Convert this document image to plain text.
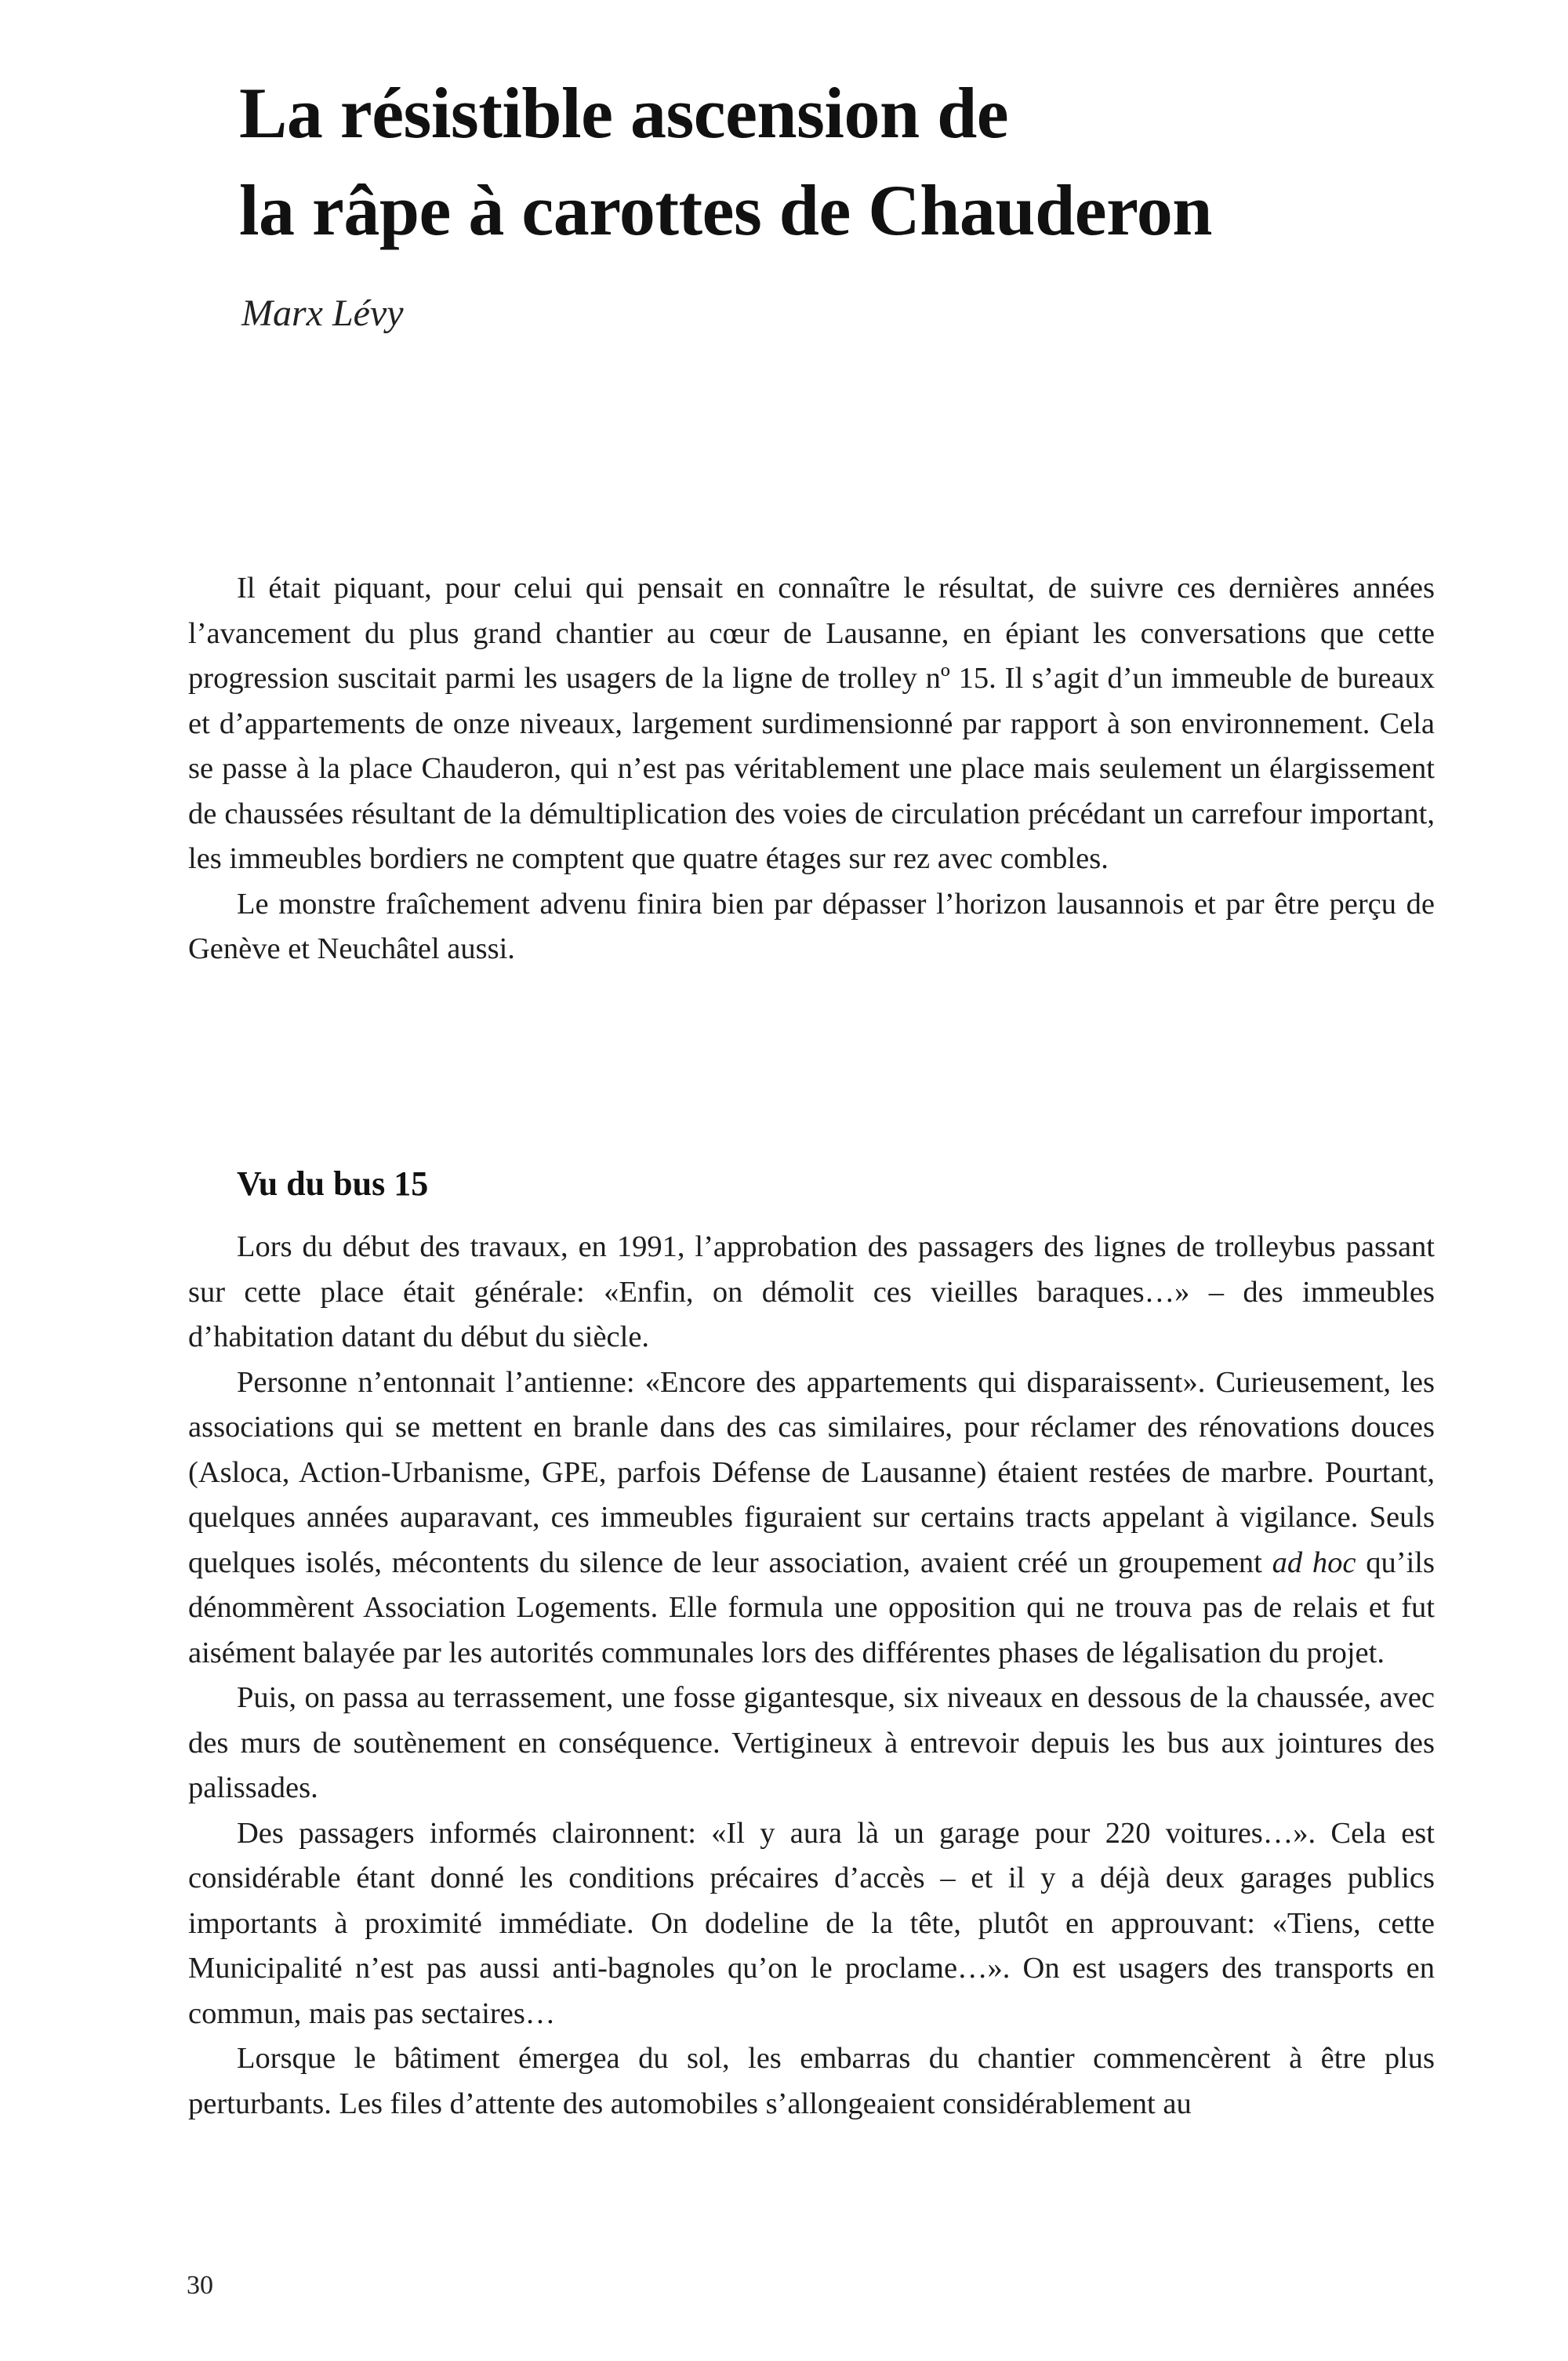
La résistible ascension de
la râpe à carottes de Chauderon

Marx Lévy

Il était piquant, pour celui qui pensait en connaître le résultat, de suivre ces dernières années l’avancement du plus grand chantier au cœur de Lausanne, en épiant les conversations que cette progression suscitait parmi les usagers de la ligne de trolley nº 15. Il s’agit d’un immeuble de bureaux et d’appartements de onze niveaux, largement surdimensionné par rapport à son environnement. Cela se passe à la place Chauderon, qui n’est pas véritablement une place mais seulement un élargissement de chaussées résultant de la démultiplication des voies de circulation précédant un carrefour important, les immeubles bordiers ne comptent que quatre étages sur rez avec combles.

Le monstre fraîchement advenu finira bien par dépasser l’horizon lausannois et par être perçu de Genève et Neuchâtel aussi.

Vu du bus 15

Lors du début des travaux, en 1991, l’approbation des passagers des lignes de trolleybus passant sur cette place était générale: «Enfin, on démolit ces vieilles baraques…» – des immeubles d’habitation datant du début du siècle.

Personne n’entonnait l’antienne: «Encore des appartements qui disparaissent». Curieusement, les associations qui se mettent en branle dans des cas similaires, pour réclamer des rénovations douces (Asloca, Action-Urbanisme, GPE, parfois Défense de Lausanne) étaient restées de marbre. Pourtant, quelques années auparavant, ces immeubles figuraient sur certains tracts appelant à vigilance. Seuls quelques isolés, mécontents du silence de leur association, avaient créé un groupement ad hoc qu’ils dénommèrent Association Logements. Elle formula une opposition qui ne trouva pas de relais et fut aisément balayée par les autorités communales lors des différentes phases de légalisation du projet.

Puis, on passa au terrassement, une fosse gigantesque, six niveaux en dessous de la chaussée, avec des murs de soutènement en conséquence. Vertigineux à entrevoir depuis les bus aux jointures des palissades.

Des passagers informés claironnent: «Il y aura là un garage pour 220 voitures…». Cela est considérable étant donné les conditions précaires d’accès – et il y a déjà deux garages publics importants à proximité immédiate. On dodeline de la tête, plutôt en approuvant: «Tiens, cette Municipalité n’est pas aussi anti-bagnoles qu’on le proclame…». On est usagers des transports en commun, mais pas sectaires…

Lorsque le bâtiment émergea du sol, les embarras du chantier commencèrent à être plus perturbants. Les files d’attente des automobiles s’allongeaient considérablement au

30
